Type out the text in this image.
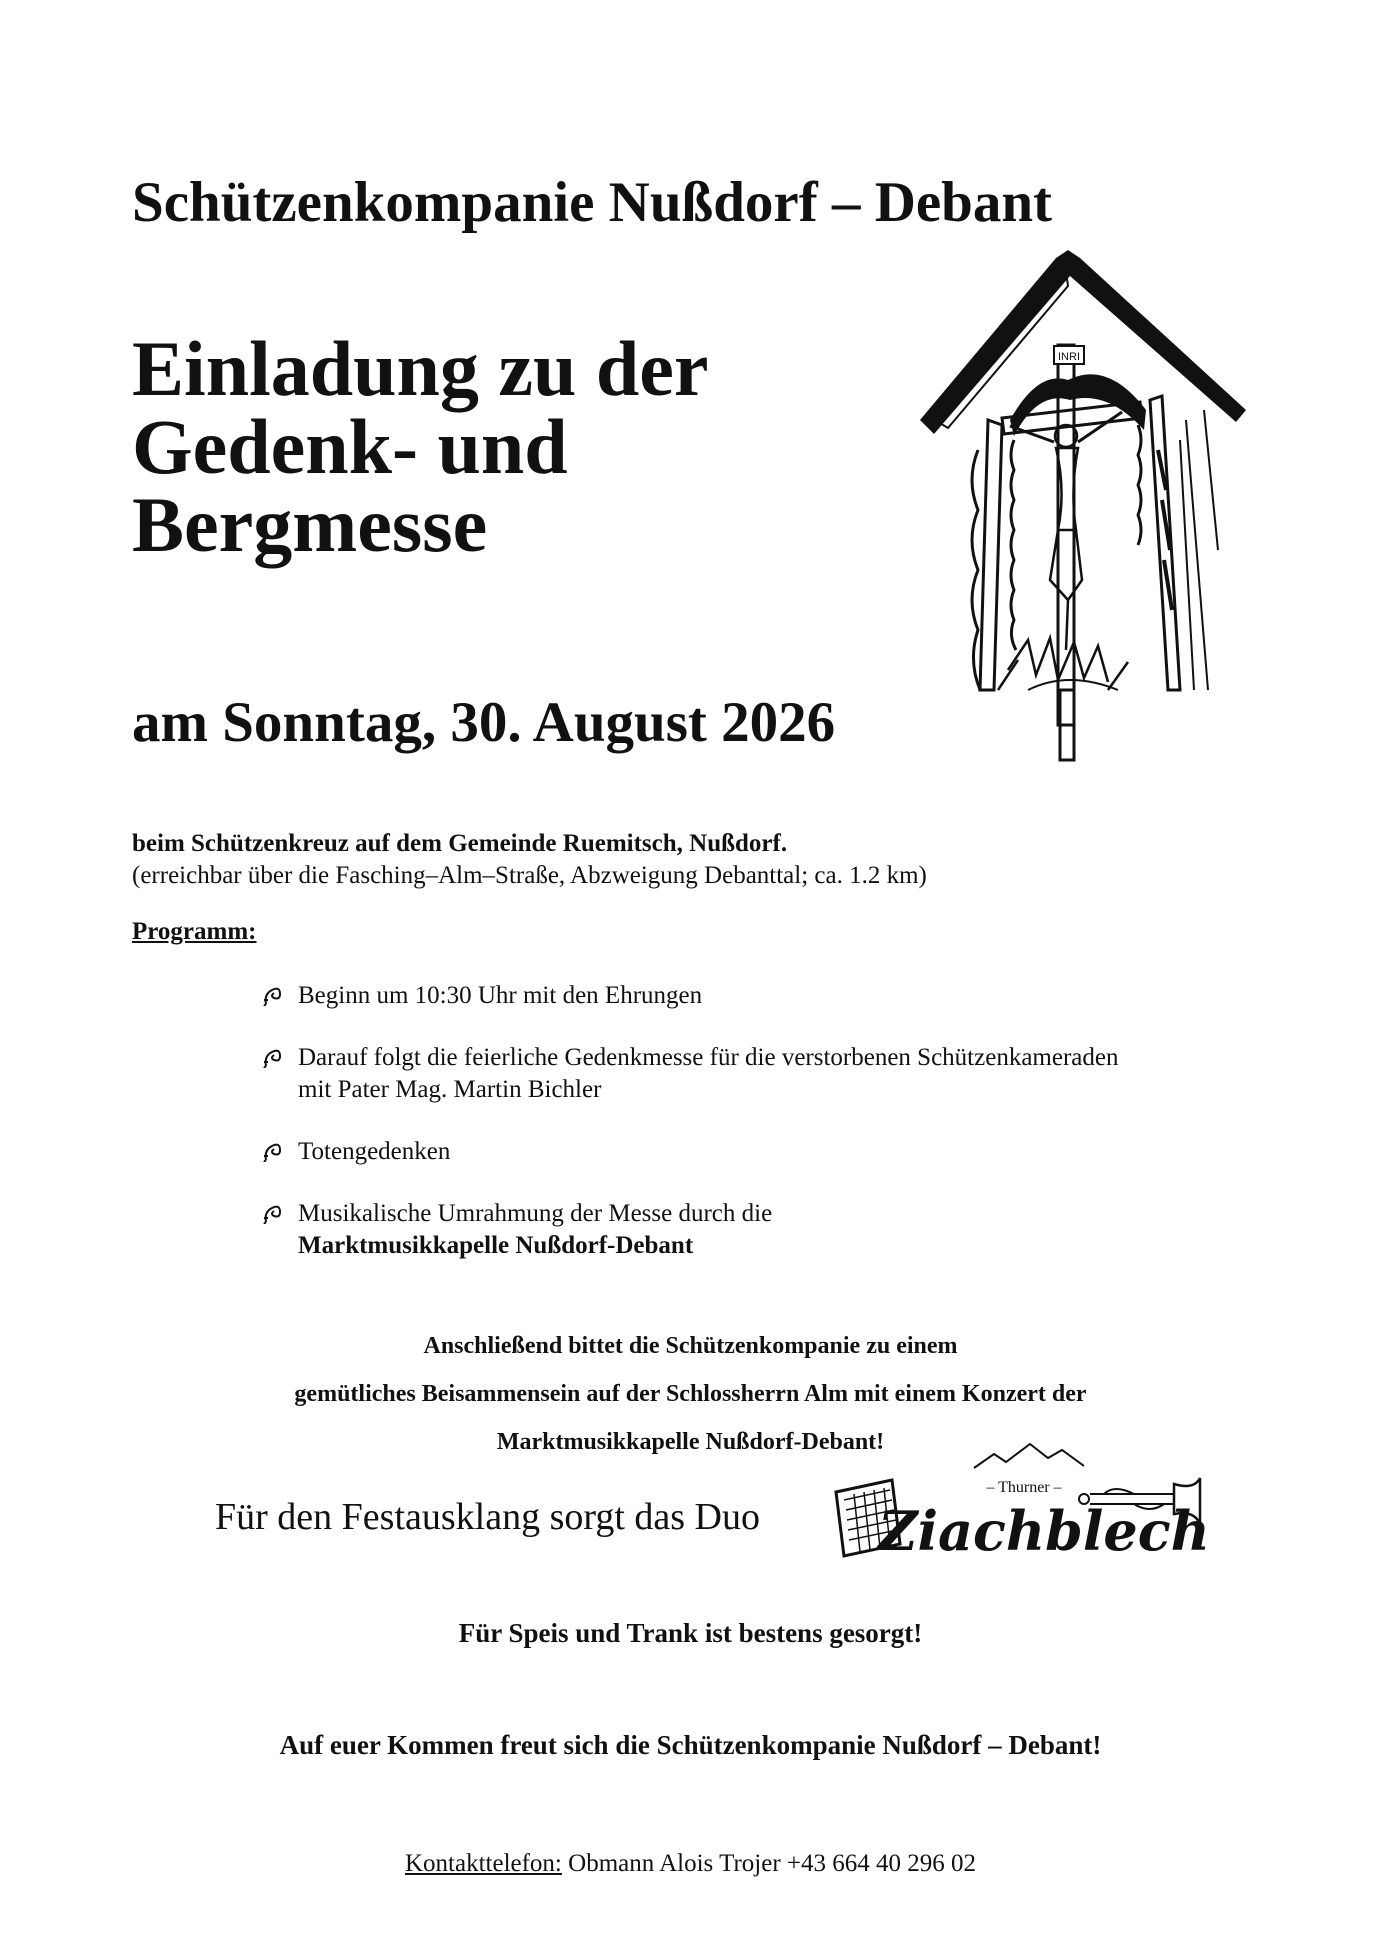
Schützenkompanie Nußdorf – Debant
Einladung zu der
Gedenk- und
Bergmesse
am Sonntag, 30. August 2026
INRI
beim Schützenkreuz auf dem Gemeinde Ruemitsch, Nußdorf.
(erreichbar über die Fasching–Alm–Straße, Abzweigung Debanttal; ca. 1.2 km)
Programm:
Beginn um 10:30 Uhr mit den Ehrungen
Darauf folgt die feierliche Gedenkmesse für die verstorbenen Schützenkameraden
mit Pater Mag. Martin Bichler
Totengedenken
Musikalische Umrahmung der Messe durch die
Marktmusikkapelle Nußdorf-Debant
Anschließend bittet die Schützenkompanie zu einem
gemütliches Beisammensein auf der Schlossherrn Alm mit einem Konzert der
Marktmusikkapelle Nußdorf-Debant!
Für den Festausklang sorgt das Duo
– Thurner –
Ziachblech
Für Speis und Trank ist bestens gesorgt!
Auf euer Kommen freut sich die Schützenkompanie Nußdorf – Debant!
Kontakttelefon: Obmann Alois Trojer +43 664 40 296 02
